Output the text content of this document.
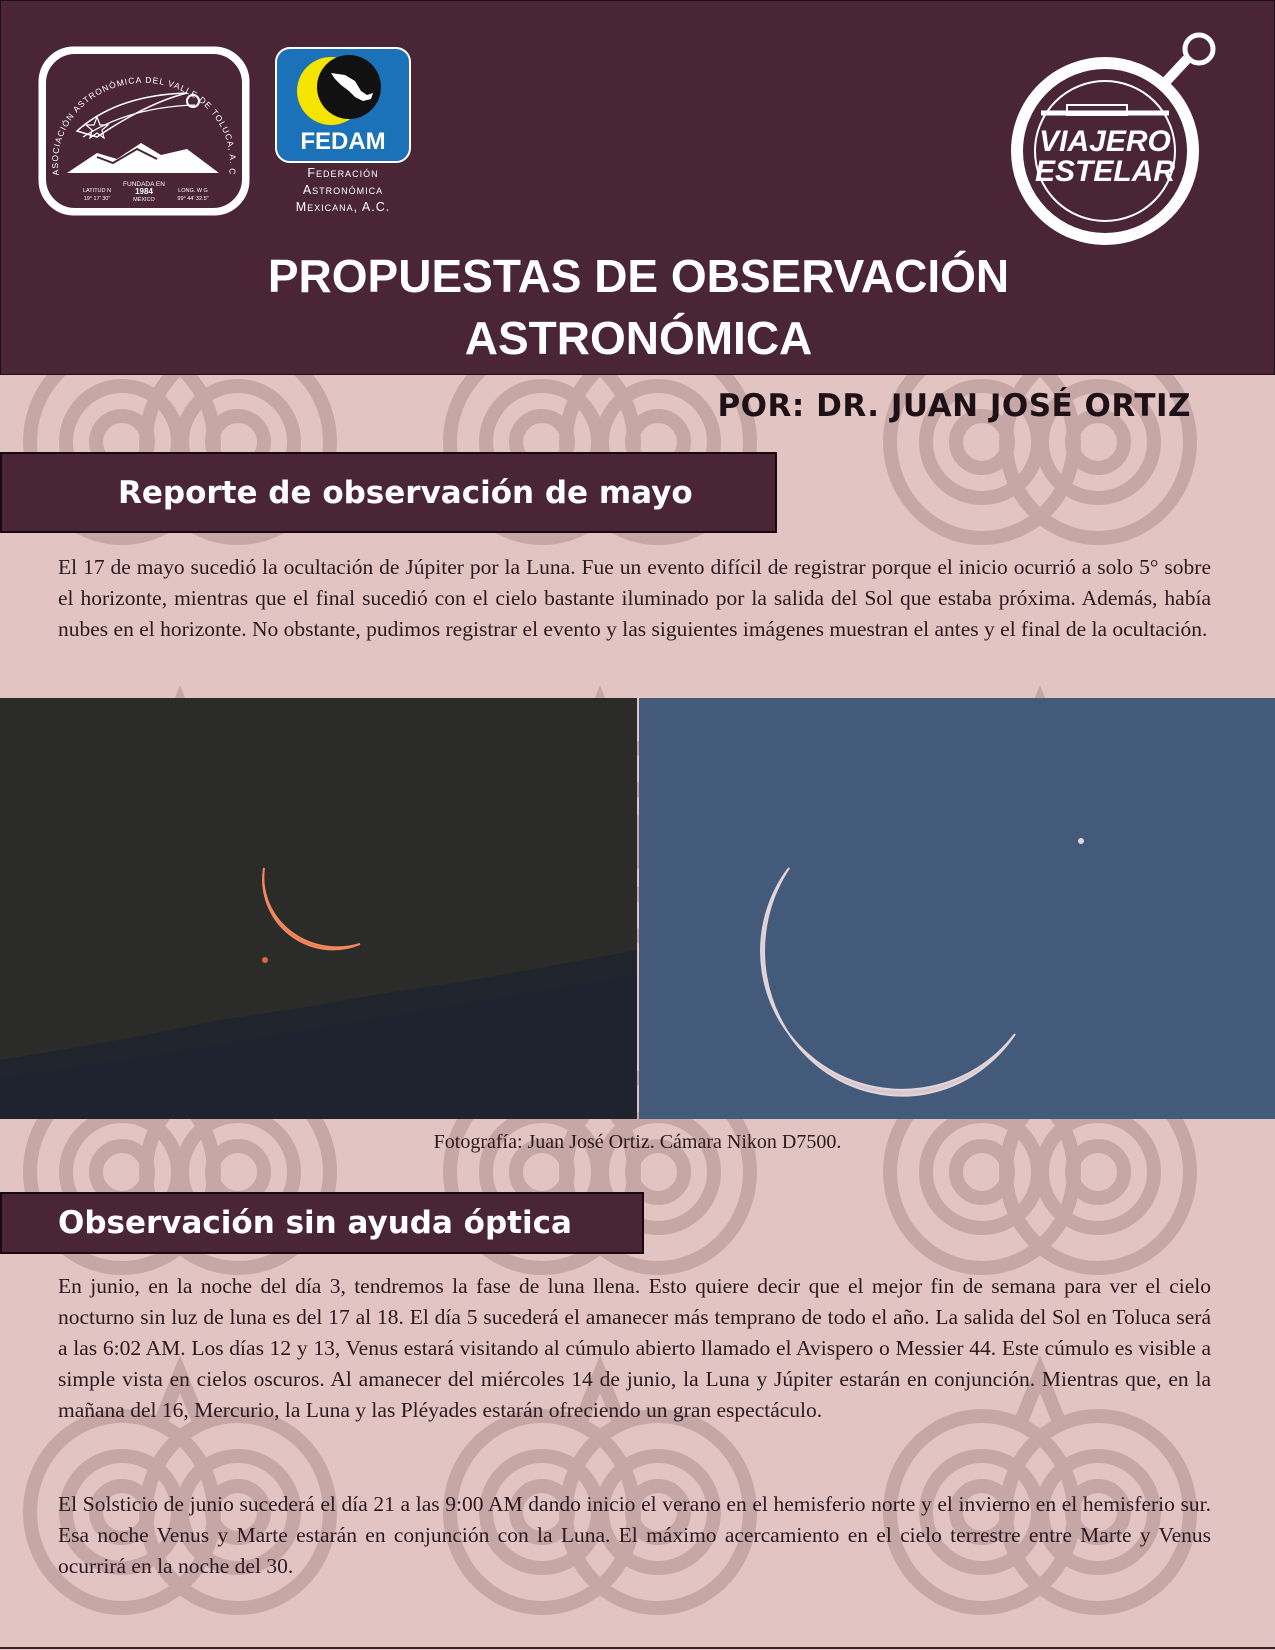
ASOCIACIÓN ASTRONÓMICA DEL VALLE DE TOLUCA, A. C
FUNDADA EN
1984
LATITUD N
19° 17' 30"	MÉXICO
LONG. W G
99° 44' 32.5"
FEDAM
Federación
Astronómica
Mexicana, A.C.
VIAJERO
ESTELAR
PROPUESTAS DE OBSERVACIÓN
ASTRONÓMICA
POR: DR. JUAN JOSÉ ORTIZ
Reporte de observación de mayo

El 17 de mayo sucedió la ocultación de Júpiter por la Luna. Fue un evento difícil de registrar porque el inicio ocurrió a solo 5° sobre el horizonte, mientras que el final sucedió con el cielo bastante iluminado por la salida del Sol que estaba próxima. Además, había nubes en el horizonte. No obstante, pudimos registrar el evento y las siguientes imágenes muestran el antes y el final de la ocultación.

Fotografía: Juan José Ortiz. Cámara Nikon D7500.
Observación sin ayuda óptica

En junio, en la noche del día 3, tendremos la fase de luna llena. Esto quiere decir que el mejor fin de semana para ver el cielo nocturno sin luz de luna es del 17 al 18. El día 5 sucederá el amanecer más temprano de todo el año. La salida del Sol en Toluca será a las 6:02 AM. Los días 12 y 13, Venus estará visitando al cúmulo abierto llamado el Avispero o Messier 44. Este cúmulo es visible a simple vista en cielos oscuros. Al amanecer del miércoles 14 de junio, la Luna y Júpiter estarán en conjunción. Mientras que, en la mañana del 16, Mercurio, la Luna y las Pléyades estarán ofreciendo un gran espectáculo.

El Solsticio de junio sucederá el día 21 a las 9:00 AM dando inicio el verano en el hemisferio norte y el invierno en el hemisferio sur. Esa noche Venus y Marte estarán en conjunción con la Luna. El máximo acercamiento en el cielo terrestre entre Marte y Venus ocurrirá en la noche del 30.
